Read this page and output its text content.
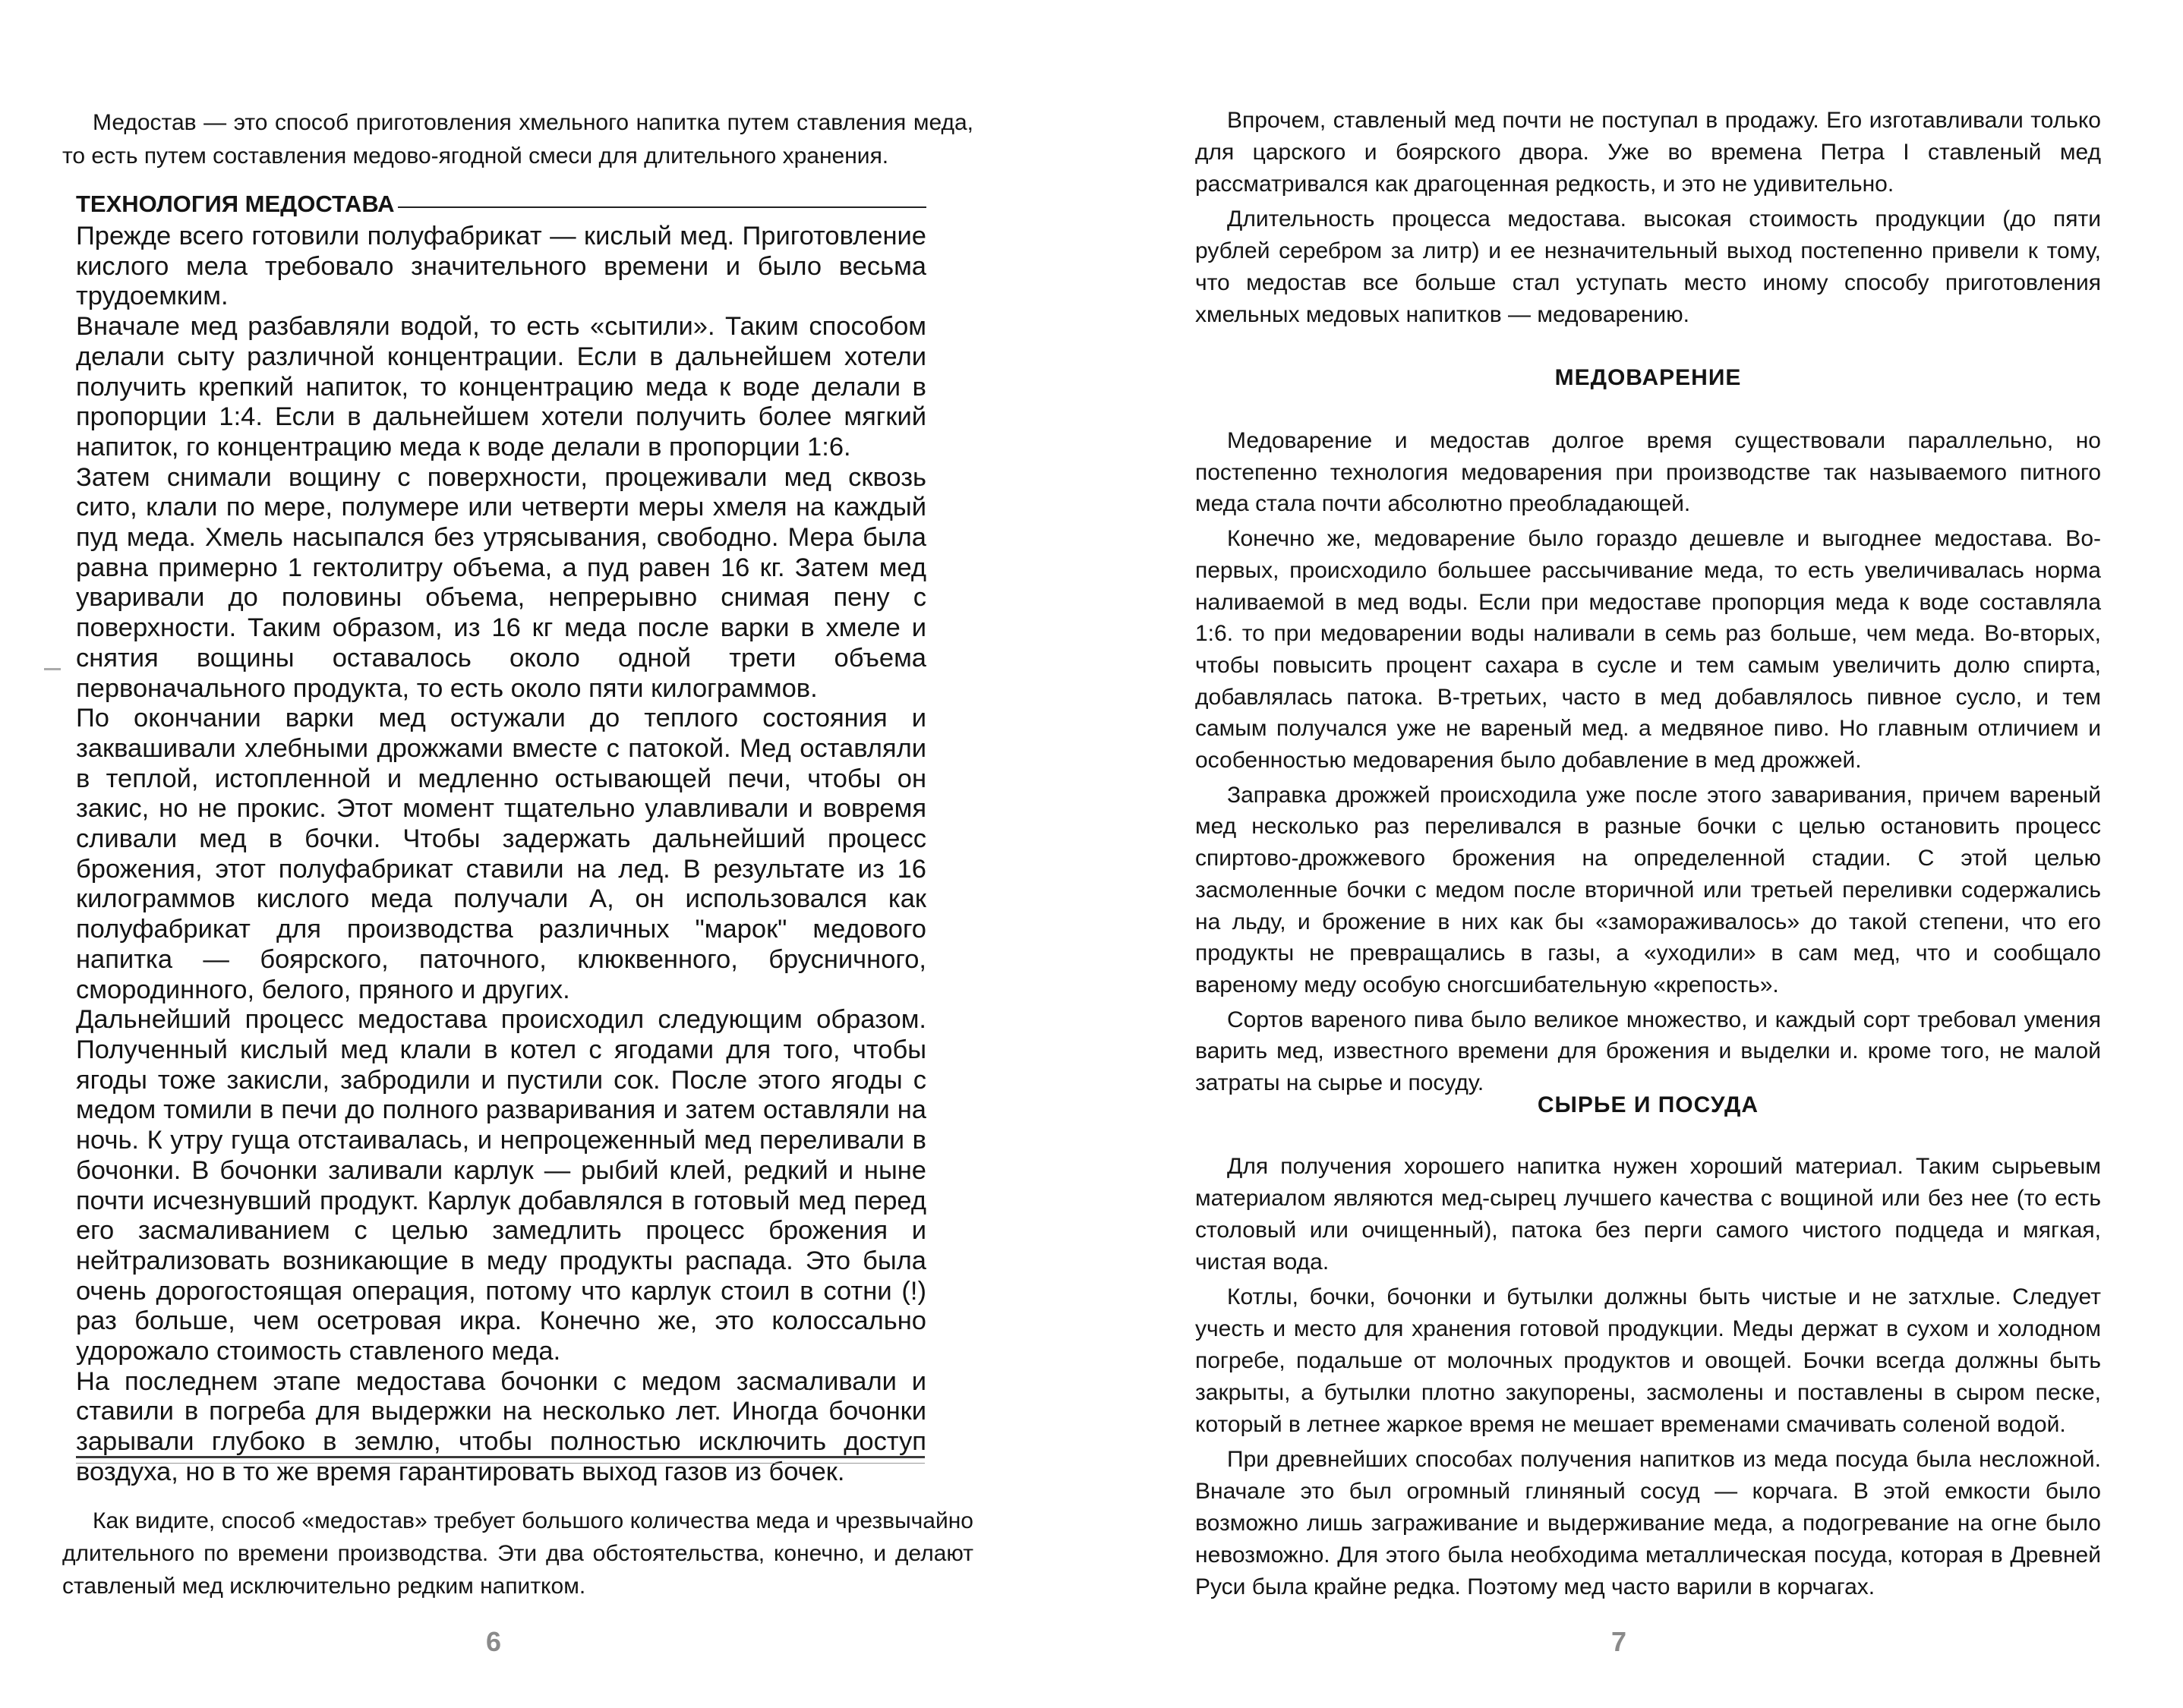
Медостав — это способ приготовления хмельного напитка путем ставления меда, то есть путем составления медово-ягодной смеси для длительного хранения.

ТЕХНОЛОГИЯ МЕДОСТАВА

Прежде всего готовили полуфабрикат — кислый мед. Приготовление кислого мела требовало значительного времени и было весьма трудоемким.

Вначале мед разбавляли водой, то есть «сытили». Таким способом делали сыту различной концентрации. Если в дальнейшем хотели получить крепкий напиток, то концентрацию меда к воде делали в пропорции 1:4. Если в дальнейшем хотели получить более мягкий напиток, го концентрацию меда к воде делали в пропорции 1:6.

Затем снимали вощину с поверхности, процеживали мед сквозь сито, клали по мере, полумере или четверти меры хмеля на каждый пуд меда. Хмель насыпался без утрясывания, свободно. Мера была равна примерно 1 гектолитру объема, а пуд равен 16 кг. Затем мед уваривали до половины объема, непрерывно снимая пену с поверхности. Таким образом, из 16 кг меда после варки в хмеле и снятия вощины оставалось около одной трети объема первоначального продукта, то есть около пяти килограммов.

По окончании варки мед остужали до теплого состояния и заквашивали хлебными дрожжами вместе с патокой. Мед оставляли в теплой, истопленной и медленно остывающей печи, чтобы он закис, но не прокис. Этот момент тщательно улавливали и вовремя сливали мед в бочки. Чтобы задержать дальнейший процесс брожения, этот полуфабрикат ставили на лед. В результате из 16 килограммов кислого меда получали А, он использовался как полуфабрикат для производства различных "марок" медового напитка — боярского, паточного, клюквенного, брусничного, смородинного, белого, пряного и других.

Дальнейший процесс медостава происходил следующим образом. Полученный кислый мед клали в котел с ягодами для того, чтобы ягоды тоже закисли, забродили и пустили сок. После этого ягоды с медом томили в печи до полного разваривания и затем оставляли на ночь. К утру гуща отстаивалась, и непроцеженный мед переливали в бочонки. В бочонки заливали карлук — рыбий клей, редкий и ныне почти исчезнувший продукт. Карлук добавлялся в готовый мед перед его засмаливанием с целью замедлить процесс брожения и нейтрализовать возникающие в меду продукты распада. Это была очень дорогостоящая операция, потому что карлук стоил в сотни (!) раз больше, чем осетровая икра. Конечно же, это колоссально удорожало стоимость ставленого меда.

На последнем этапе медостава бочонки с медом засмаливали и ставили в погреба для выдержки на несколько лет. Иногда бочонки зарывали глубоко в землю, чтобы полностью исключить доступ воздуха, но в то же время гарантировать выход газов из бочек.

Как видите, способ «медостав» требует большого количества меда и чрезвычайно длительного по времени производства. Эти два обстоятельства, конечно, и делают ставленый мед исключительно редким напитком.

6

Впрочем, ставленый мед почти не поступал в продажу. Его изготавливали только для царского и боярского двора. Уже во времена Петра I ставленый мед рассматривался как драгоценная редкость, и это не удивительно.

Длительность процесса медостава. высокая стоимость продукции (до пяти рублей серебром за литр) и ее незначительный выход постепенно привели к тому, что медостав все больше стал уступать место иному способу приготовления хмельных медовых напитков — медоварению.

МЕДОВАРЕНИЕ

Медоварение и медостав долгое время существовали параллельно, но постепенно технология медоварения при производстве так называемого питного меда стала почти абсолютно преобладающей.

Конечно же, медоварение было гораздо дешевле и выгоднее медостава. Во-первых, происходило большее рассычивание меда, то есть увеличивалась норма наливаемой в мед воды. Если при медоставе пропорция меда к воде составляла 1:6. то при медоварении воды наливали в семь раз больше, чем меда. Во-вторых, чтобы повысить процент сахара в сусле и тем самым увеличить долю спирта, добавлялась патока. В-третьих, часто в мед добавлялось пивное сусло, и тем самым получался уже не вареный мед. а медвяное пиво. Но главным отличием и особенностью медоварения было добавление в мед дрожжей.

Заправка дрожжей происходила уже после этого заваривания, причем вареный мед несколько раз переливался в разные бочки с целью остановить процесс спиртово-дрожжевого брожения на определенной стадии. С этой целью засмоленные бочки с медом после вторичной или третьей переливки содержались на льду, и брожение в них как бы «замораживалось» до такой степени, что его продукты не превращались в газы, а «уходили» в сам мед, что и сообщало вареному меду особую сногсшибательную «крепость».

Сортов вареного пива было великое множество, и каждый сорт требовал умения варить мед, известного времени для брожения и выделки и. кроме того, не малой затраты на сырье и посуду.

СЫРЬЕ И ПОСУДА

Для получения хорошего напитка нужен хороший материал. Таким сырьевым материалом являются мед-сырец лучшего качества с вощиной или без нее (то есть столовый или очищенный), патока без перги самого чистого подцеда и мягкая, чистая вода.

Котлы, бочки, бочонки и бутылки должны быть чистые и не затхлые. Следует учесть и место для хранения готовой продукции. Меды держат в сухом и холодном погребе, подальше от молочных продуктов и овощей. Бочки всегда должны быть закрыты, а бутылки плотно закупорены, засмолены и поставлены в сыром песке, который в летнее жаркое время не мешает временами смачивать соленой водой.

При древнейших способах получения напитков из меда посуда была несложной. Вначале это был огромный глиняный сосуд — корчага. В этой емкости было возможно лишь заграживание и выдерживание меда, а подогревание на огне было невозможно. Для этого была необходима металлическая посуда, которая в Древней Руси была крайне редка. Поэтому мед часто варили в корчагах.

7
